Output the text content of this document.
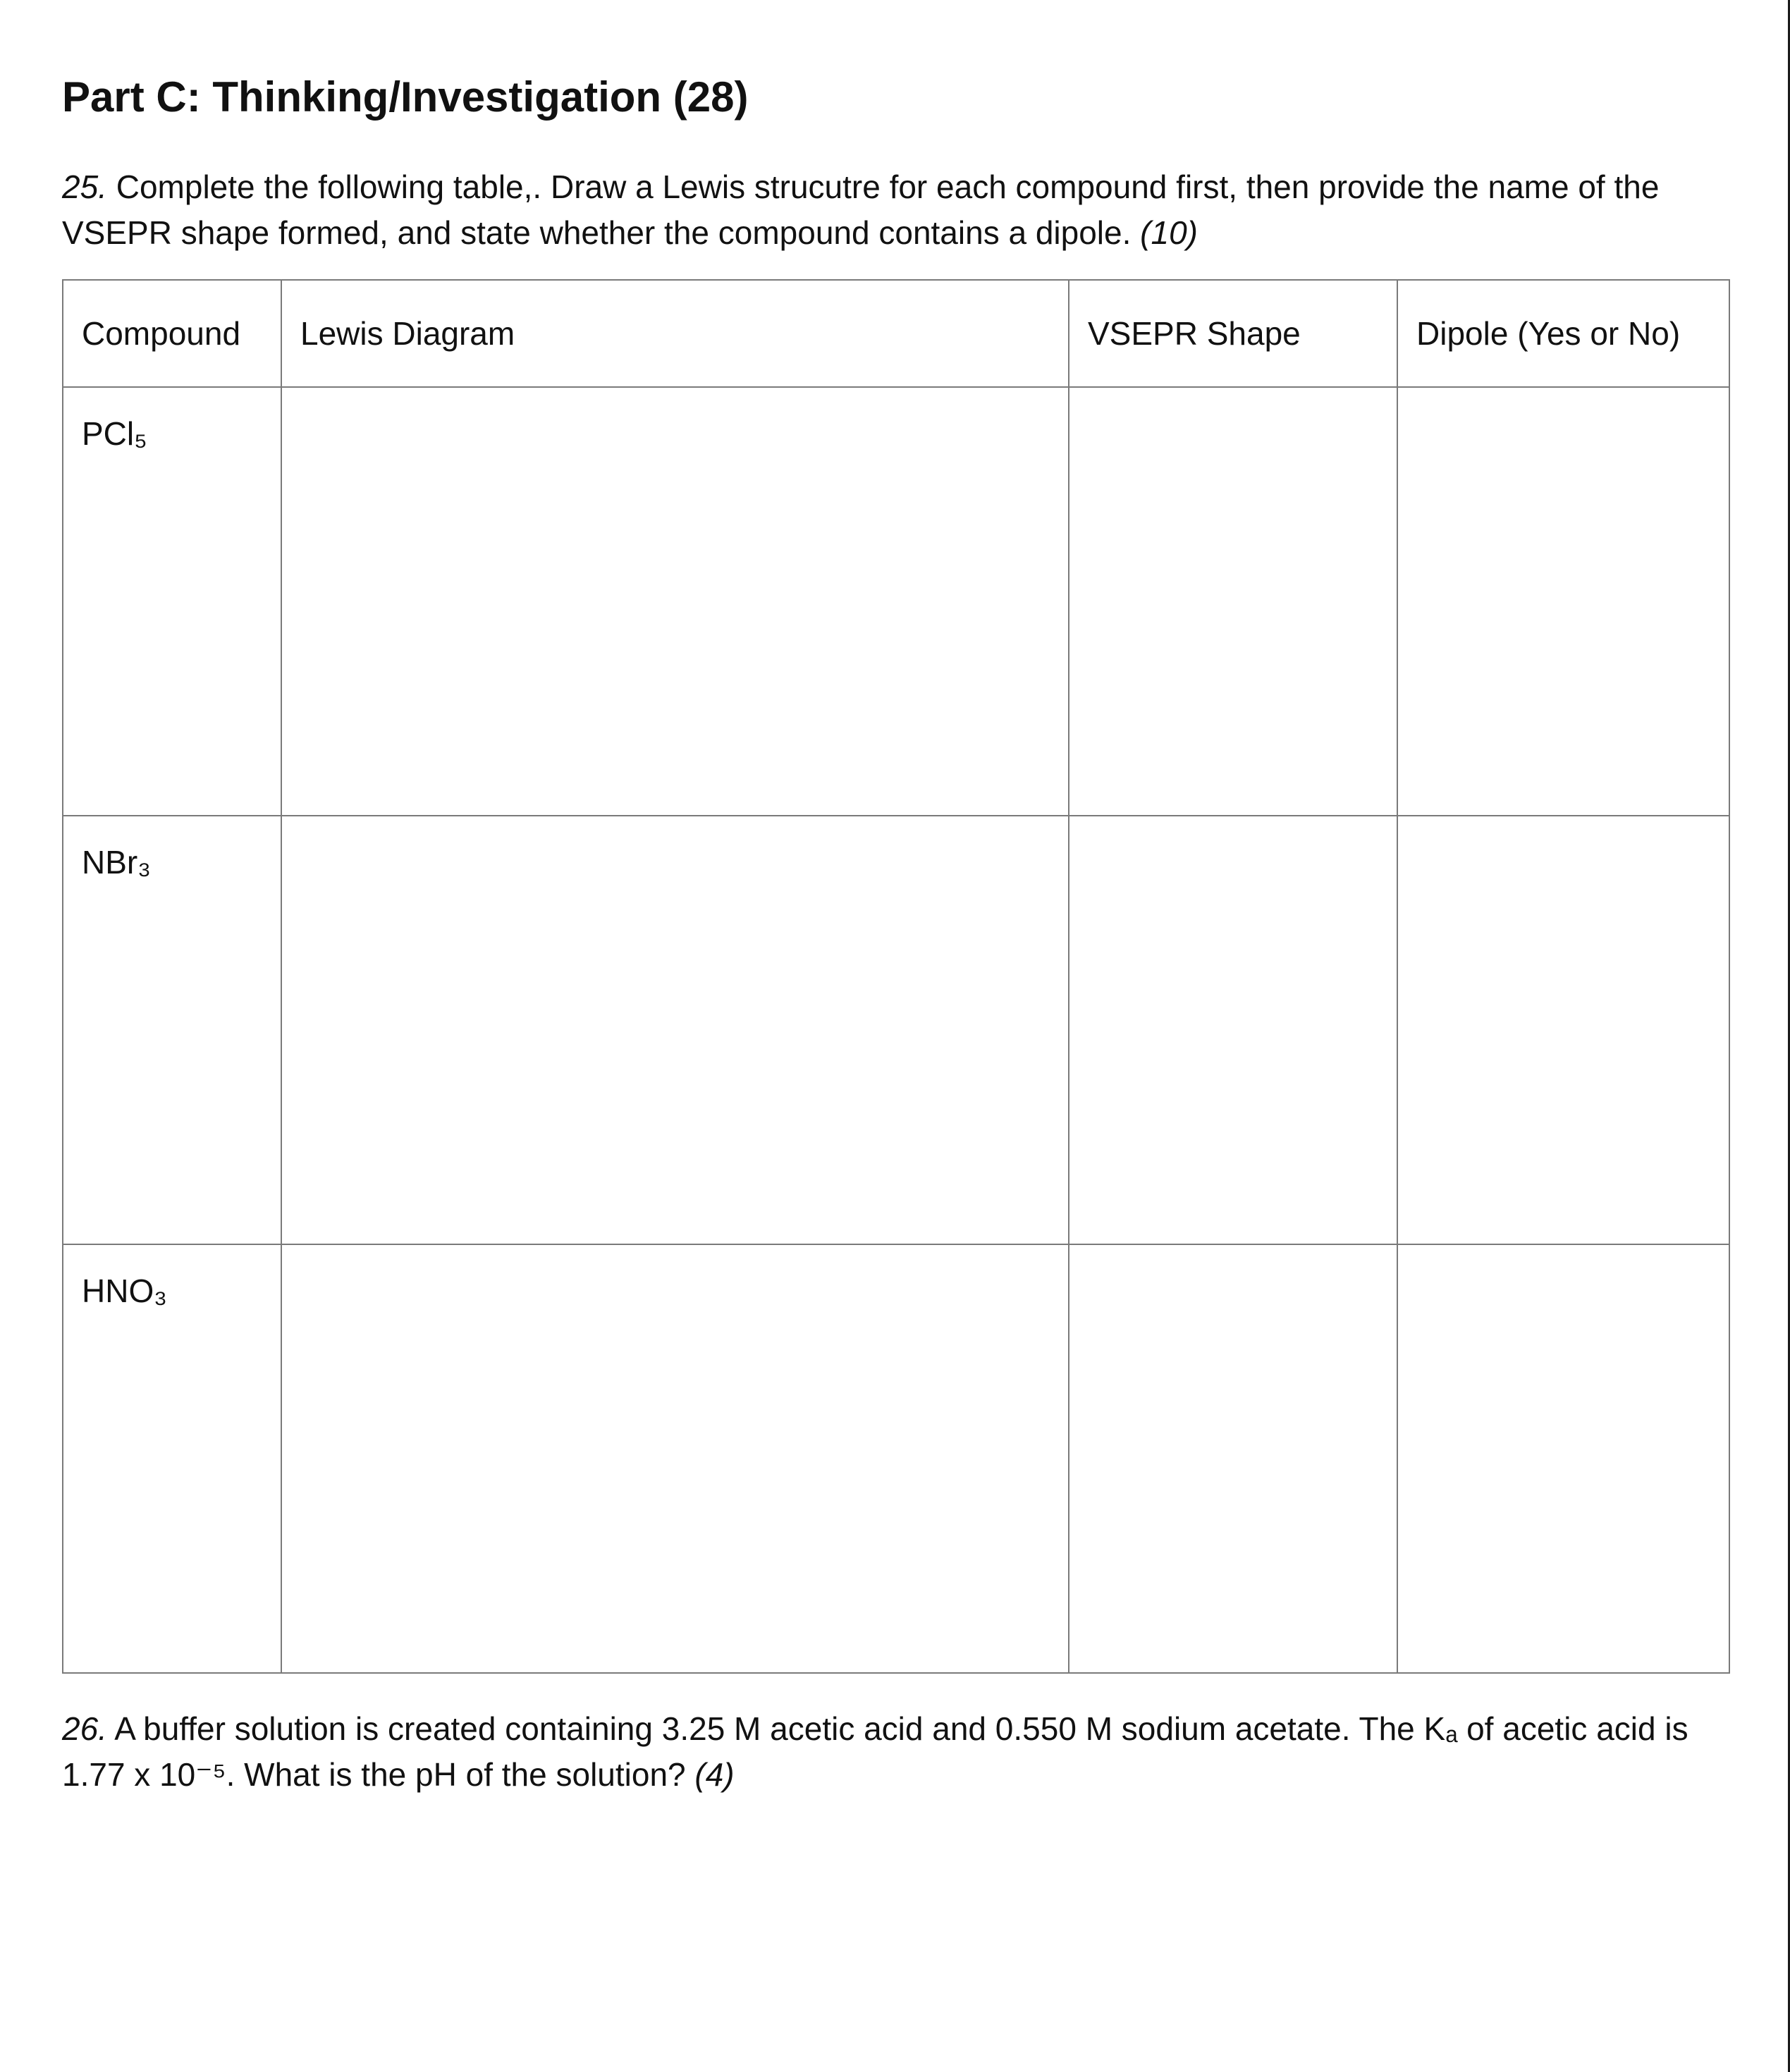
Part C: Thinking/Investigation (28)

25. Complete the following table,. Draw a Lewis strucutre for each compound first, then provide the name of the VSEPR shape formed, and state whether the compound contains a dipole. (10)

Compound	Lewis Diagram	VSEPR Shape	Dipole (Yes or No)
PCl₅			
NBr₃			
HNO₃			

26. A buffer solution is created containing 3.25 M acetic acid and 0.550 M sodium acetate. The Kₐ of acetic acid is 1.77 x 10⁻⁵. What is the pH of the solution? (4)
